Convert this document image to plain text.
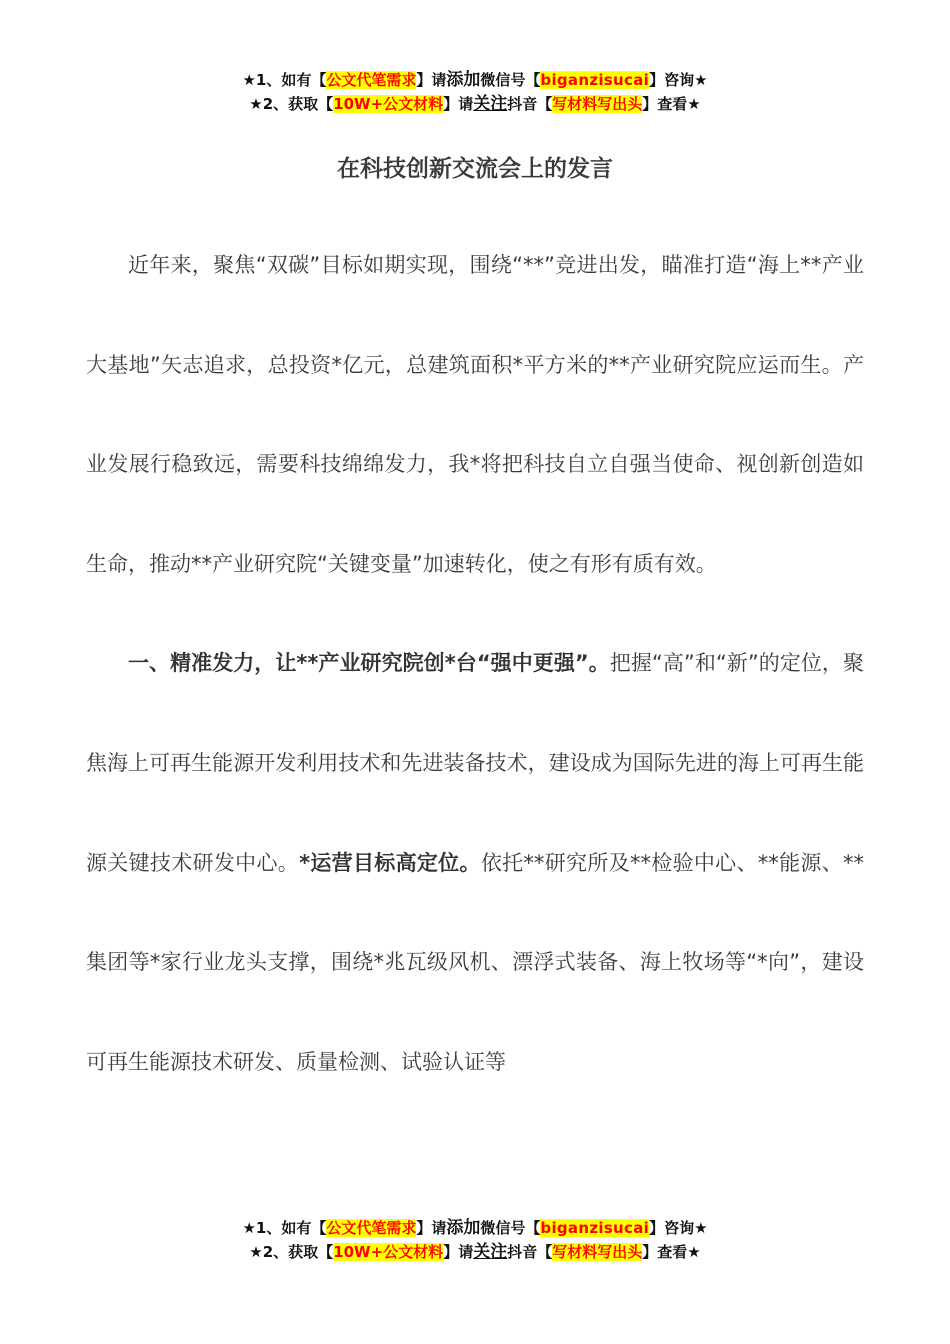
★1、如有【公文代笔需求】请添加微信号【biganzisucai】咨询★
★2、获取【10W+公文材料】请关注抖音【写材料写出头】查看★
在科技创新交流会上的发言

近年来，聚焦“双碳”目标如期实现，围绕“**”竞进出发，瞄准打造“海上**产业大基地”矢志追求，总投资*亿元，总建筑面积*平方米的**产业研究院应运而生。产业发展行稳致远，需要科技绵绵发力，我*将把科技自立自强当使命、视创新创造如生命，推动**产业研究院“关键变量”加速转化，使之有形有质有效。

一、精准发力，让**产业研究院创*台“强中更强”。把握“高”和“新”的定位，聚焦海上可再生能源开发利用技术和先进装备技术，建设成为国际先进的海上可再生能源关键技术研发中心。*运营目标高定位。依托**研究所及**检验中心、**能源、**集团等*家行业龙头支撑，围绕*兆瓦级风机、漂浮式装备、海上牧场等“*向”，建设可再生能源技术研发、质量检测、试验认证等

★1、如有【公文代笔需求】请添加微信号【biganzisucai】咨询★
★2、获取【10W+公文材料】请关注抖音【写材料写出头】查看★
